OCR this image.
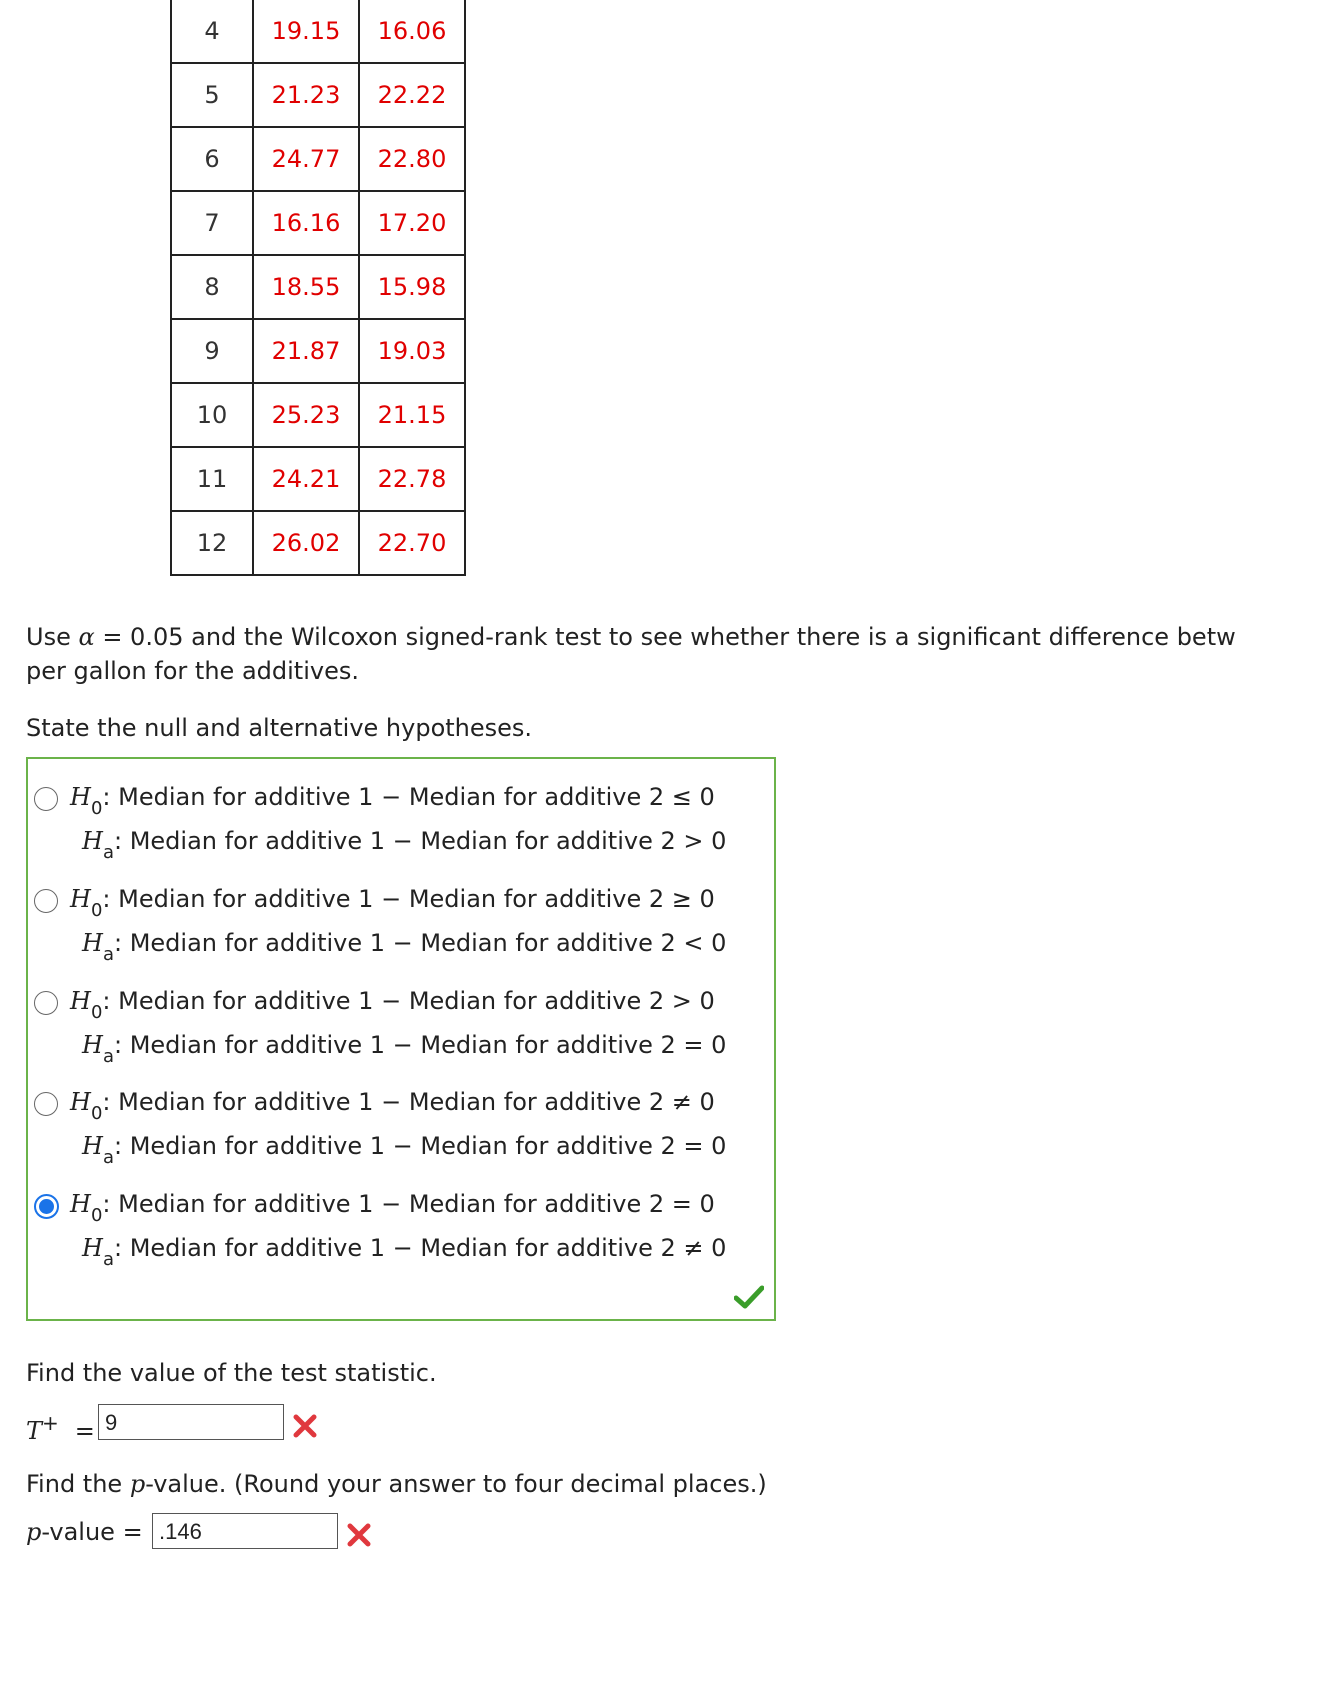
4	19.15	16.06
5	21.23	22.22
6	24.77	22.80
7	16.16	17.20
8	18.55	15.98
9	21.87	19.03
10	25.23	21.15
11	24.21	22.78
12	26.02	22.70
Use α = 0.05 and the Wilcoxon signed-rank test to see whether there is a significant difference betw
per gallon for the additives.
State the null and alternative hypotheses.
$H_0$: Median for additive 1 − Median for additive 2 ≤ 0
$H_a$: Median for additive 1 − Median for additive 2 > 0
$H_0$: Median for additive 1 − Median for additive 2 ≥ 0
$H_a$: Median for additive 1 − Median for additive 2 < 0
$H_0$: Median for additive 1 − Median for additive 2 > 0
$H_a$: Median for additive 1 − Median for additive 2 = 0
$H_0$: Median for additive 1 − Median for additive 2 ≠ 0
$H_a$: Median for additive 1 − Median for additive 2 = 0
$H_0$: Median for additive 1 − Median for additive 2 = 0
$H_a$: Median for additive 1 − Median for additive 2 ≠ 0
Find the value of the test statistic.
T+ = 9
Find the p-value. (Round your answer to four decimal places.)
p-value = .146
